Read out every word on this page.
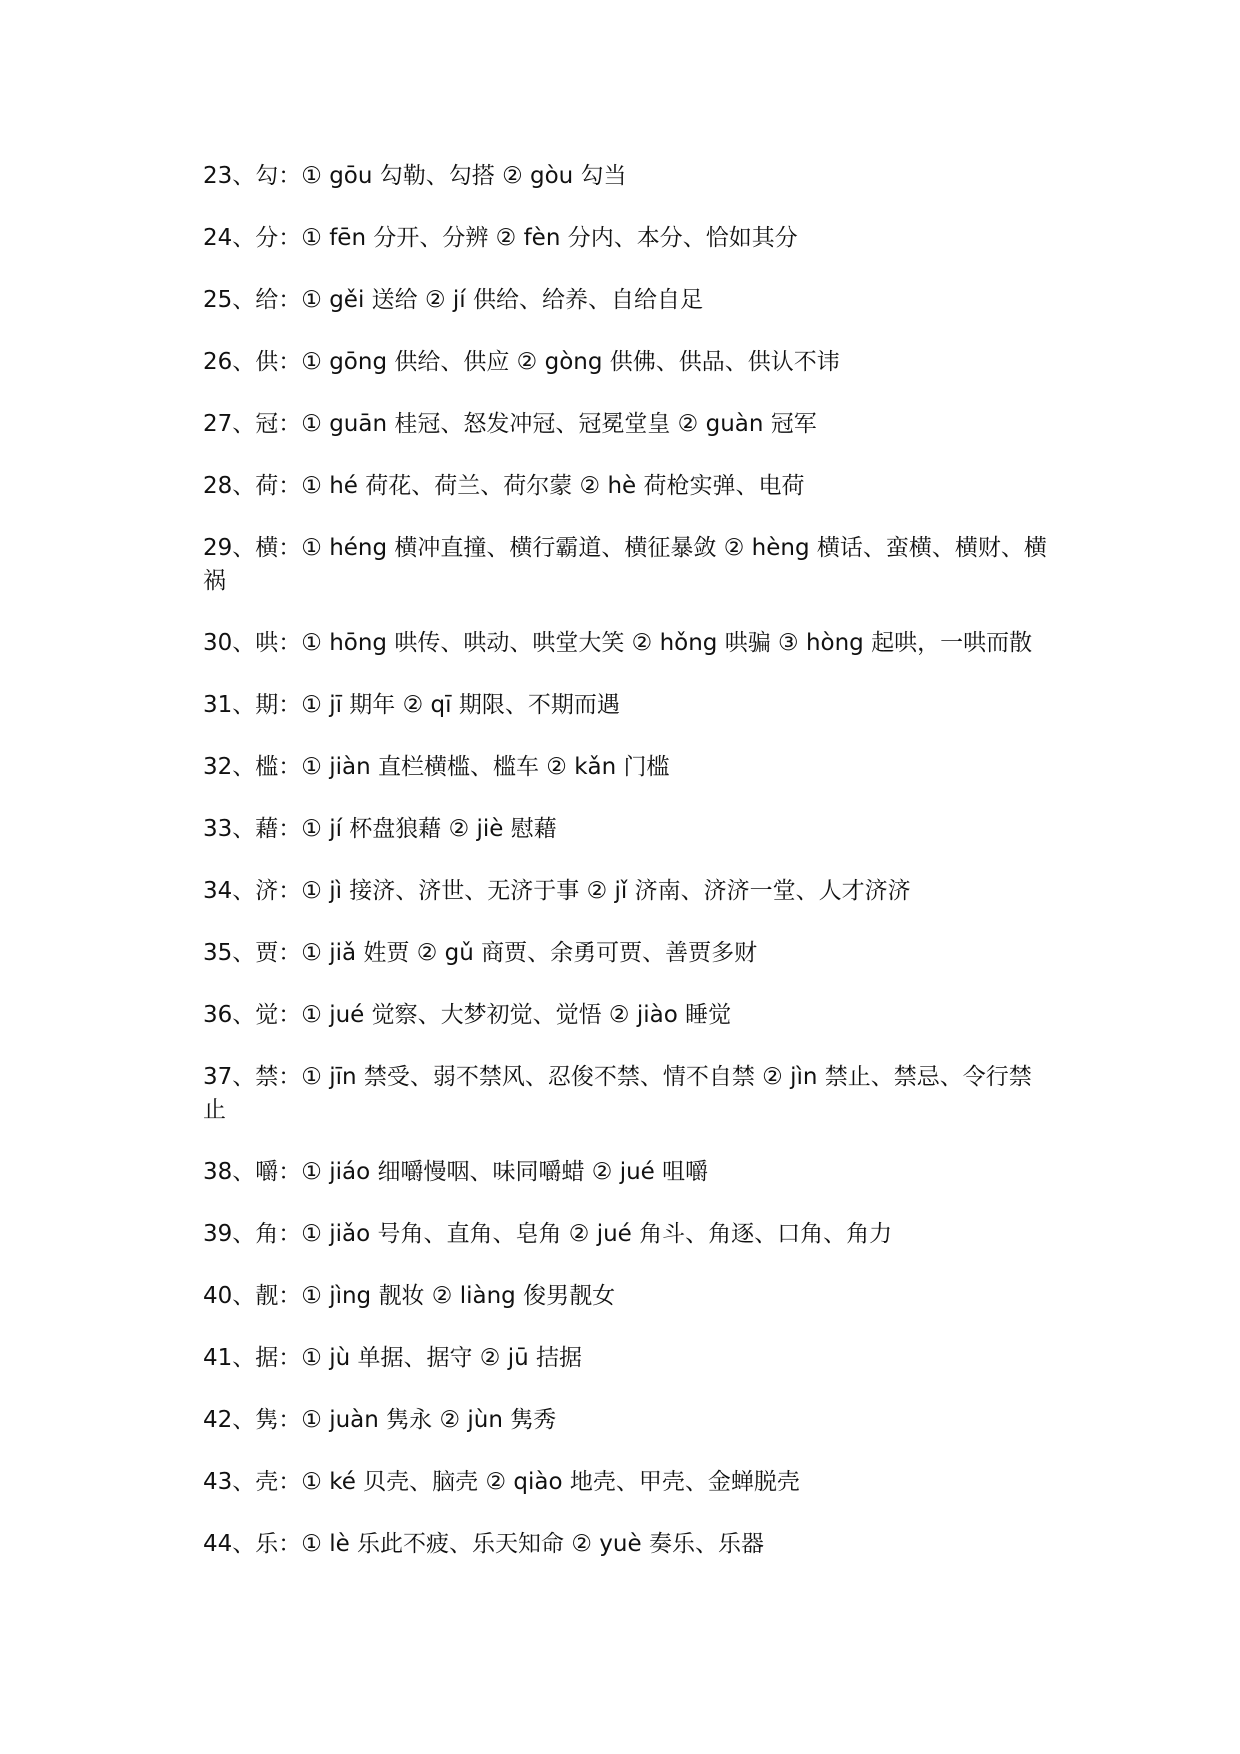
23、勾：① gōu 勾勒、勾搭 ② gòu 勾当
24、分：① fēn 分开、分辨 ② fèn 分内、本分、恰如其分
25、给：① gěi 送给 ② jí 供给、给养、自给自足
26、供：① gōng 供给、供应 ② gòng 供佛、供品、供认不讳
27、冠：① guān 桂冠、怒发冲冠、冠冕堂皇 ② guàn 冠军
28、荷：① hé 荷花、荷兰、荷尔蒙 ② hè 荷枪实弹、电荷
29、横：① héng 横冲直撞、横行霸道、横征暴敛 ② hèng 横话、蛮横、横财、横祸
30、哄：① hōng 哄传、哄动、哄堂大笑 ② hǒng 哄骗 ③ hòng 起哄，一哄而散
31、期：① jī 期年 ② qī 期限、不期而遇
32、槛：① jiàn 直栏横槛、槛车 ② kǎn 门槛
33、藉：① jí 杯盘狼藉 ② jiè 慰藉
34、济：① jì 接济、济世、无济于事 ② jǐ 济南、济济一堂、人才济济
35、贾：① jiǎ 姓贾 ② gǔ 商贾、余勇可贾、善贾多财
36、觉：① jué 觉察、大梦初觉、觉悟 ② jiào 睡觉
37、禁：① jīn 禁受、弱不禁风、忍俊不禁、情不自禁 ② jìn 禁止、禁忌、令行禁止
38、嚼：① jiáo 细嚼慢咽、味同嚼蜡 ② jué 咀嚼
39、角：① jiǎo 号角、直角、皂角 ② jué 角斗、角逐、口角、角力
40、靓：① jìng 靓妆 ② liàng 俊男靓女
41、据：① jù 单据、据守 ② jū 拮据
42、隽：① juàn 隽永 ② jùn 隽秀
43、壳：① ké 贝壳、脑壳 ② qiào 地壳、甲壳、金蝉脱壳
44、乐：① lè 乐此不疲、乐天知命 ② yuè 奏乐、乐器
